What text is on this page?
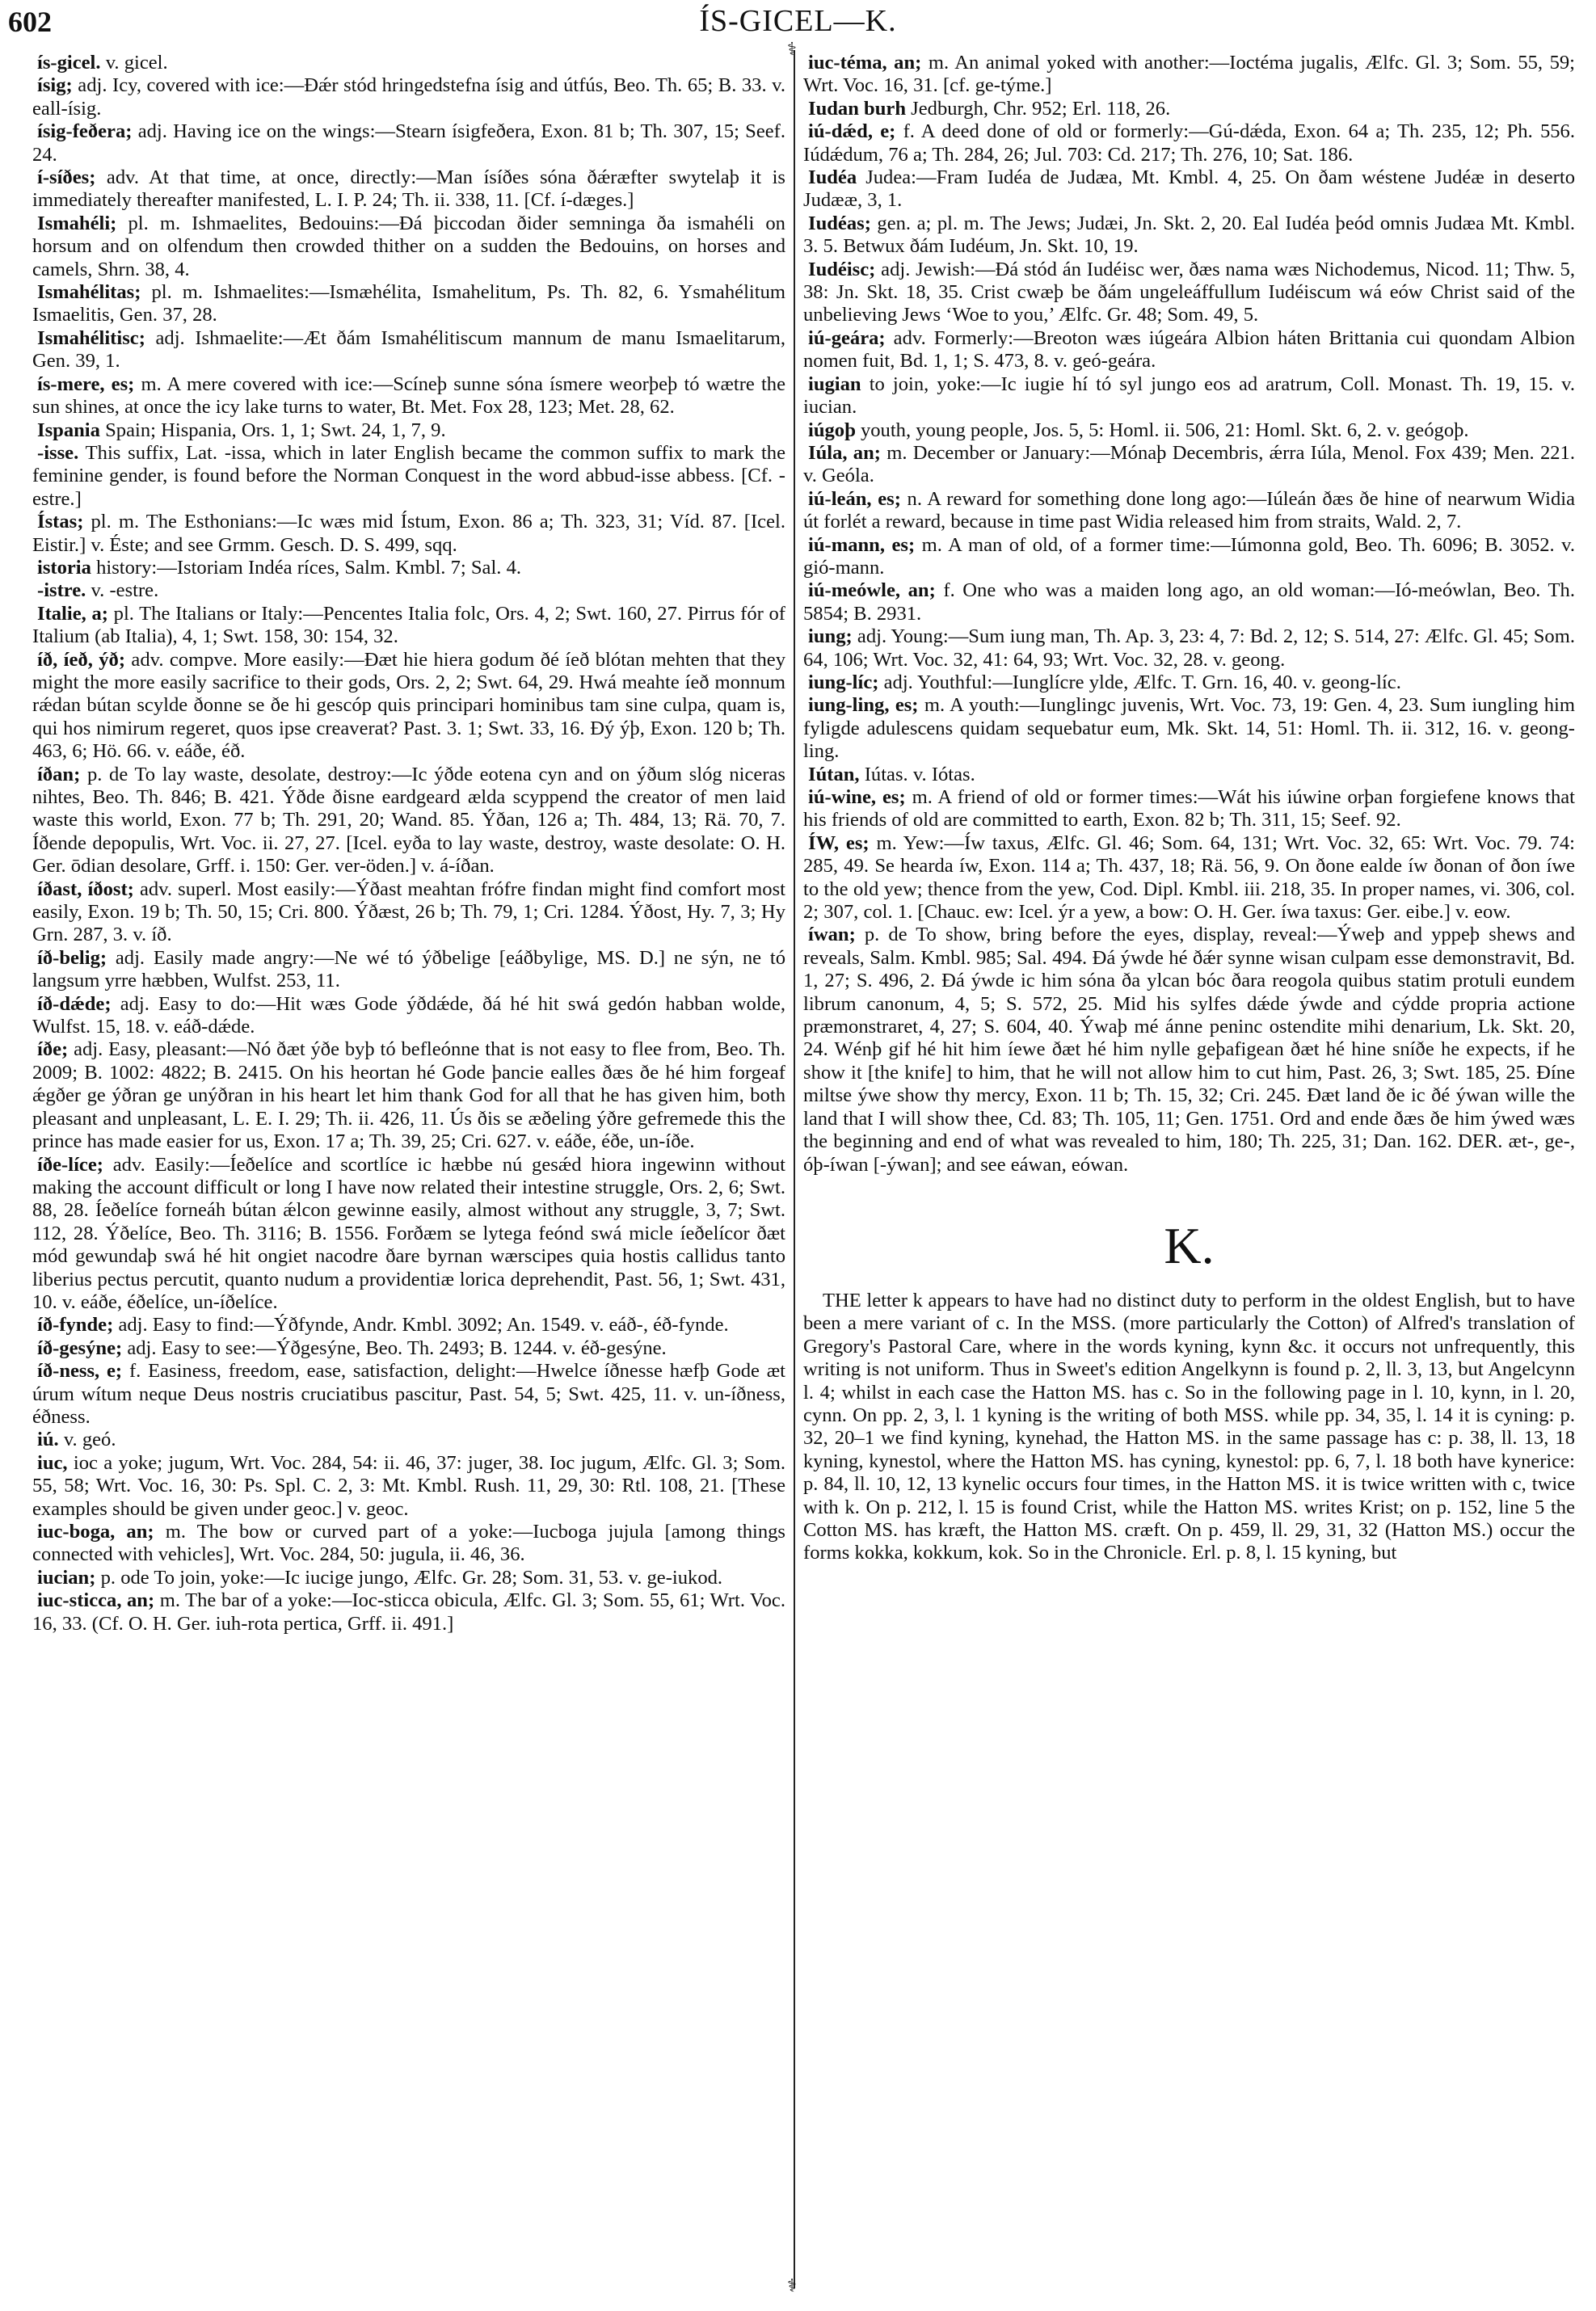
602	ÍS-GICEL—K.

ís-gicel. v. gicel.

ísig; adj. Icy, covered with ice:—Ðǽr stód hringedstefna ísig and útfús, Beo. Th. 65; B. 33. v. eall-ísig.

ísig-feðera; adj. Having ice on the wings:—Stearn ísigfeðera, Exon. 81 b; Th. 307, 15; Seef. 24.

í-síðes; adv. At that time, at once, directly:—Man ísíðes sóna ðǽræfter swytelaþ it is immediately thereafter manifested, L. I. P. 24; Th. ii. 338, 11. [Cf. í-dæges.]

Ismahéli; pl. m. Ishmaelites, Bedouins:—Ðá þiccodan ðider semninga ða ismahéli on horsum and on olfendum then crowded thither on a sudden the Bedouins, on horses and camels, Shrn. 38, 4.

Ismahélitas; pl. m. Ishmaelites:—Ismæhélita, Ismahelitum, Ps. Th. 82, 6. Ysmahélitum Ismaelitis, Gen. 37, 28.

Ismahélitisc; adj. Ishmaelite:—Æt ðám Ismahélitiscum mannum de manu Ismaelitarum, Gen. 39, 1.

ís-mere, es; m. A mere covered with ice:—Scíneþ sunne sóna ísmere weorþeþ tó wætre the sun shines, at once the icy lake turns to water, Bt. Met. Fox 28, 123; Met. 28, 62.

Ispania Spain; Hispania, Ors. 1, 1; Swt. 24, 1, 7, 9.

-isse. This suffix, Lat. -issa, which in later English became the common suffix to mark the feminine gender, is found before the Norman Conquest in the word abbud-isse abbess. [Cf. -estre.]

Ístas; pl. m. The Esthonians:—Ic wæs mid Ístum, Exon. 86 a; Th. 323, 31; Víd. 87. [Icel. Eistir.] v. Éste; and see Grmm. Gesch. D. S. 499, sqq.

istoria history:—Istoriam Indéa ríces, Salm. Kmbl. 7; Sal. 4.

-istre. v. -estre.

Italie, a; pl. The Italians or Italy:—Pencentes Italia folc, Ors. 4, 2; Swt. 160, 27. Pirrus fór of Italium (ab Italia), 4, 1; Swt. 158, 30: 154, 32.

íð, íeð, ýð; adv. compve. More easily:—Ðæt hie hiera godum ðé íeð blótan mehten that they might the more easily sacrifice to their gods, Ors. 2, 2; Swt. 64, 29. Hwá meahte íeð monnum rǽdan bútan scylde ðonne se ðe hi gescóp quis principari hominibus tam sine culpa, quam is, qui hos nimirum regeret, quos ipse creaverat? Past. 3. 1; Swt. 33, 16. Ðý ýþ, Exon. 120 b; Th. 463, 6; Hö. 66. v. eáðe, éð.

íðan; p. de To lay waste, desolate, destroy:—Ic ýðde eotena cyn and on ýðum slóg niceras nihtes, Beo. Th. 846; B. 421. Ýðde ðisne eardgeard ælda scyppend the creator of men laid waste this world, Exon. 77 b; Th. 291, 20; Wand. 85. Ýðan, 126 a; Th. 484, 13; Rä. 70, 7. Íðende depopulis, Wrt. Voc. ii. 27, 27. [Icel. eyða to lay waste, destroy, waste desolate: O. H. Ger. ōdian desolare, Grff. i. 150: Ger. ver-öden.] v. á-íðan.

íðast, íðost; adv. superl. Most easily:—Ýðast meahtan frófre findan might find comfort most easily, Exon. 19 b; Th. 50, 15; Cri. 800. Ýðæst, 26 b; Th. 79, 1; Cri. 1284. Ýðost, Hy. 7, 3; Hy Grn. 287, 3. v. íð.

íð-belig; adj. Easily made angry:—Ne wé tó ýðbelige [eáðbylige, MS. D.] ne sýn, ne tó langsum yrre hæbben, Wulfst. 253, 11.

íð-dǽde; adj. Easy to do:—Hit wæs Gode ýðdǽde, ðá hé hit swá gedón habban wolde, Wulfst. 15, 18. v. eáð-dǽde.

íðe; adj. Easy, pleasant:—Nó ðæt ýðe byþ tó befleónne that is not easy to flee from, Beo. Th. 2009; B. 1002: 4822; B. 2415. On his heortan hé Gode þancie ealles ðæs ðe hé him forgeaf ǽgðer ge ýðran ge unýðran in his heart let him thank God for all that he has given him, both pleasant and unpleasant, L. E. I. 29; Th. ii. 426, 11. Ús ðis se æðeling ýðre gefremede this the prince has made easier for us, Exon. 17 a; Th. 39, 25; Cri. 627. v. eáðe, éðe, un-íðe.

íðe-líce; adv. Easily:—Íeðelíce and scortlíce ic hæbbe nú gesǽd hiora ingewinn without making the account difficult or long I have now related their intestine struggle, Ors. 2, 6; Swt. 88, 28. Íeðelíce forneáh bútan ǽlcon gewinne easily, almost without any struggle, 3, 7; Swt. 112, 28. Ýðelíce, Beo. Th. 3116; B. 1556. Forðæm se lytega feónd swá micle íeðelícor ðæt mód gewundaþ swá hé hit ongiet nacodre ðare byrnan wærscipes quia hostis callidus tanto liberius pectus percutit, quanto nudum a providentiæ lorica deprehendit, Past. 56, 1; Swt. 431, 10. v. eáðe, éðelíce, un-íðelíce.

íð-fynde; adj. Easy to find:—Ýðfynde, Andr. Kmbl. 3092; An. 1549. v. eáð-, éð-fynde.

íð-gesýne; adj. Easy to see:—Ýðgesýne, Beo. Th. 2493; B. 1244. v. éð-gesýne.

íð-ness, e; f. Easiness, freedom, ease, satisfaction, delight:—Hwelce íðnesse hæfþ Gode æt úrum wítum neque Deus nostris cruciatibus pascitur, Past. 54, 5; Swt. 425, 11. v. un-íðness, éðness.

iú. v. geó.

iuc, ioc a yoke; jugum, Wrt. Voc. 284, 54: ii. 46, 37: juger, 38. Ioc jugum, Ælfc. Gl. 3; Som. 55, 58; Wrt. Voc. 16, 30: Ps. Spl. C. 2, 3: Mt. Kmbl. Rush. 11, 29, 30: Rtl. 108, 21. [These examples should be given under geoc.] v. geoc.

iuc-boga, an; m. The bow or curved part of a yoke:—Iucboga jujula [among things connected with vehicles], Wrt. Voc. 284, 50: jugula, ii. 46, 36.

iucian; p. ode To join, yoke:—Ic iucige jungo, Ælfc. Gr. 28; Som. 31, 53. v. ge-iukod.

iuc-sticca, an; m. The bar of a yoke:—Ioc-sticca obicula, Ælfc. Gl. 3; Som. 55, 61; Wrt. Voc. 16, 33. (Cf. O. H. Ger. iuh-rota pertica, Grff. ii. 491.]

⚕
⚕

iuc-téma, an; m. An animal yoked with another:—Ioctéma jugalis, Ælfc. Gl. 3; Som. 55, 59; Wrt. Voc. 16, 31. [cf. ge-týme.]

Iudan burh Jedburgh, Chr. 952; Erl. 118, 26.

iú-dǽd, e; f. A deed done of old or formerly:—Gú-dǽda, Exon. 64 a; Th. 235, 12; Ph. 556. Iúdǽdum, 76 a; Th. 284, 26; Jul. 703: Cd. 217; Th. 276, 10; Sat. 186.

Iudéa Judea:—Fram Iudéa de Judæa, Mt. Kmbl. 4, 25. On ðam wéstene Judéæ in deserto Judææ, 3, 1.

Iudéas; gen. a; pl. m. The Jews; Judæi, Jn. Skt. 2, 20. Eal Iudéa þeód omnis Judæa Mt. Kmbl. 3. 5. Betwux ðám Iudéum, Jn. Skt. 10, 19.

Iudéisc; adj. Jewish:—Ðá stód án Iudéisc wer, ðæs nama wæs Nichodemus, Nicod. 11; Thw. 5, 38: Jn. Skt. 18, 35. Crist cwæþ be ðám ungeleáffullum Iudéiscum wá eów Christ said of the unbelieving Jews ‘Woe to you,’ Ælfc. Gr. 48; Som. 49, 5.

iú-geára; adv. Formerly:—Breoton wæs iúgeára Albion háten Brittania cui quondam Albion nomen fuit, Bd. 1, 1; S. 473, 8. v. geó-geára.

iugian to join, yoke:—Ic iugie hí tó syl jungo eos ad aratrum, Coll. Monast. Th. 19, 15. v. iucian.

iúgoþ youth, young people, Jos. 5, 5: Homl. ii. 506, 21: Homl. Skt. 6, 2. v. geógoþ.

Iúla, an; m. December or January:—Mónaþ Decembris, ǽrra Iúla, Menol. Fox 439; Men. 221. v. Geóla.

iú-leán, es; n. A reward for something done long ago:—Iúleán ðæs ðe hine of nearwum Widia út forlét a reward, because in time past Widia released him from straits, Wald. 2, 7.

iú-mann, es; m. A man of old, of a former time:—Iúmonna gold, Beo. Th. 6096; B. 3052. v. gió-mann.

iú-meówle, an; f. One who was a maiden long ago, an old woman:—Ió-meówlan, Beo. Th. 5854; B. 2931.

iung; adj. Young:—Sum iung man, Th. Ap. 3, 23: 4, 7: Bd. 2, 12; S. 514, 27: Ælfc. Gl. 45; Som. 64, 106; Wrt. Voc. 32, 41: 64, 93; Wrt. Voc. 32, 28. v. geong.

iung-líc; adj. Youthful:—Iunglícre ylde, Ælfc. T. Grn. 16, 40. v. geong-líc.

iung-ling, es; m. A youth:—Iunglingc juvenis, Wrt. Voc. 73, 19: Gen. 4, 23. Sum iungling him fyligde adulescens quidam sequebatur eum, Mk. Skt. 14, 51: Homl. Th. ii. 312, 16. v. geong-ling.

Iútan, Iútas. v. Iótas.

iú-wine, es; m. A friend of old or former times:—Wát his iúwine orþan forgiefene knows that his friends of old are committed to earth, Exon. 82 b; Th. 311, 15; Seef. 92.

ÍW, es; m. Yew:—Íw taxus, Ælfc. Gl. 46; Som. 64, 131; Wrt. Voc. 32, 65: Wrt. Voc. 79. 74: 285, 49. Se hearda íw, Exon. 114 a; Th. 437, 18; Rä. 56, 9. On ðone ealde íw ðonan of ðon íwe to the old yew; thence from the yew, Cod. Dipl. Kmbl. iii. 218, 35. In proper names, vi. 306, col. 2; 307, col. 1. [Chauc. ew: Icel. ýr a yew, a bow: O. H. Ger. íwa taxus: Ger. eibe.] v. eow.

íwan; p. de To show, bring before the eyes, display, reveal:—Ýweþ and yppeþ shews and reveals, Salm. Kmbl. 985; Sal. 494. Ðá ýwde hé ðǽr synne wisan culpam esse demonstravit, Bd. 1, 27; S. 496, 2. Ðá ýwde ic him sóna ða ylcan bóc ðara reogola quibus statim protuli eundem librum canonum, 4, 5; S. 572, 25. Mid his sylfes dǽde ýwde and cýdde propria actione præmonstraret, 4, 27; S. 604, 40. Ýwaþ mé ánne peninc ostendite mihi denarium, Lk. Skt. 20, 24. Wénþ gif hé hit him íewe ðæt hé him nylle geþafigean ðæt hé hine sníðe he expects, if he show it [the knife] to him, that he will not allow him to cut him, Past. 26, 3; Swt. 185, 25. Ðíne miltse ýwe show thy mercy, Exon. 11 b; Th. 15, 32; Cri. 245. Ðæt land ðe ic ðé ýwan wille the land that I will show thee, Cd. 83; Th. 105, 11; Gen. 1751. Ord and ende ðæs ðe him ýwed wæs the beginning and end of what was revealed to him, 180; Th. 225, 31; Dan. 162. DER. æt-, ge-, óþ-íwan [-ýwan]; and see eáwan, eówan.

K.

THE letter k appears to have had no distinct duty to perform in the oldest English, but to have been a mere variant of c. In the MSS. (more particularly the Cotton) of Alfred's translation of Gregory's Pastoral Care, where in the words kyning, kynn &c. it occurs not unfrequently, this writing is not uniform. Thus in Sweet's edition Angelkynn is found p. 2, ll. 3, 13, but Angelcynn l. 4; whilst in each case the Hatton MS. has c. So in the following page in l. 10, kynn, in l. 20, cynn. On pp. 2, 3, l. 1 kyning is the writing of both MSS. while pp. 34, 35, l. 14 it is cyning: p. 32, 20–1 we find kyning, kynehad, the Hatton MS. in the same passage has c: p. 38, ll. 13, 18 kyning, kynestol, where the Hatton MS. has cyning, kynestol: pp. 6, 7, l. 18 both have kynerice: p. 84, ll. 10, 12, 13 kynelic occurs four times, in the Hatton MS. it is twice written with c, twice with k. On p. 212, l. 15 is found Crist, while the Hatton MS. writes Krist; on p. 152, line 5 the Cotton MS. has kræft, the Hatton MS. cræft. On p. 459, ll. 29, 31, 32 (Hatton MS.) occur the forms kokka, kokkum, kok. So in the Chronicle. Erl. p. 8, l. 15 kyning, but
